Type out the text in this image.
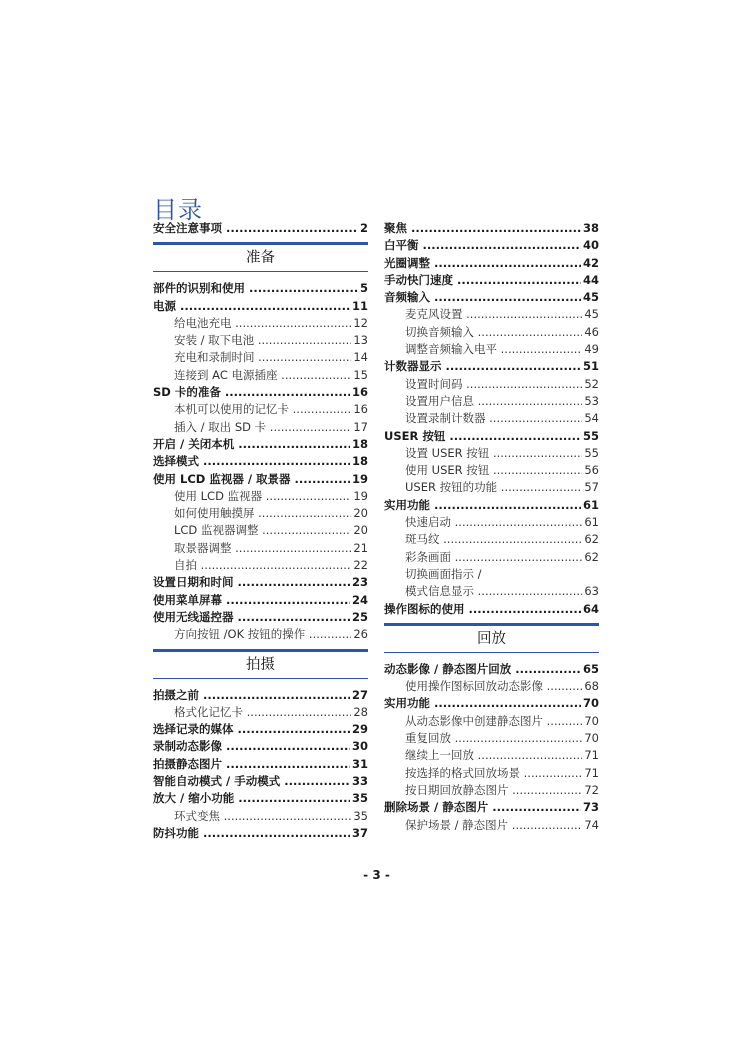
目录
安全注意事项 .....	2
准备
部件的识别和使用 .....	5
电源 .....	11
给电池充电 .....	12
安装 / 取下电池 .....	13
充电和录制时间 .....	14
连接到 AC 电源插座 .....	15
SD 卡的准备 .....	16
本机可以使用的记忆卡 .....	16
插入 / 取出 SD 卡 .....	17
开启 / 关闭本机 .....	18
选择模式 .....	18
使用 LCD 监视器 / 取景器 .....	19
使用 LCD 监视器 .....	19
如何使用触摸屏 .....	20
LCD 监视器调整 .....	20
取景器调整 .....	21
自拍 .....	22
设置日期和时间 .....	23
使用菜单屏幕 .....	24
使用无线遥控器 .....	25
方向按钮 /OK 按钮的操作 .....	26
拍摄
拍摄之前 .....	27
格式化记忆卡 .....	28
选择记录的媒体 .....	29
录制动态影像 .....	30
拍摄静态图片 .....	31
智能自动模式 / 手动模式 .....	33
放大 / 缩小功能 .....	35
环式变焦 .....	35
防抖功能 .....	37
聚焦 .....	38
白平衡 .....	40
光圈调整 .....	42
手动快门速度 .....	44
音频输入 .....	45
麦克风设置 .....	45
切换音频输入 .....	46
调整音频输入电平 .....	49
计数器显示 .....	51
设置时间码 .....	52
设置用户信息 .....	53
设置录制计数器 .....	54
USER 按钮 .....	55
设置 USER 按钮 .....	55
使用 USER 按钮 .....	56
USER 按钮的功能 .....	57
实用功能 .....	61
快速启动 .....	61
斑马纹 .....	62
彩条画面 .....	62
切换画面指示 /
模式信息显示 .....	63
操作图标的使用 .....	64
回放
动态影像 / 静态图片回放 .....	65
使用操作图标回放动态影像 .....	68
实用功能 .....	70
从动态影像中创建静态图片 .....	70
重复回放 .....	70
继续上一回放 .....	71
按选择的格式回放场景 .....	71
按日期回放静态图片 .....	72
删除场景 / 静态图片 .....	73
保护场景 / 静态图片 .....	74
- 3 -
